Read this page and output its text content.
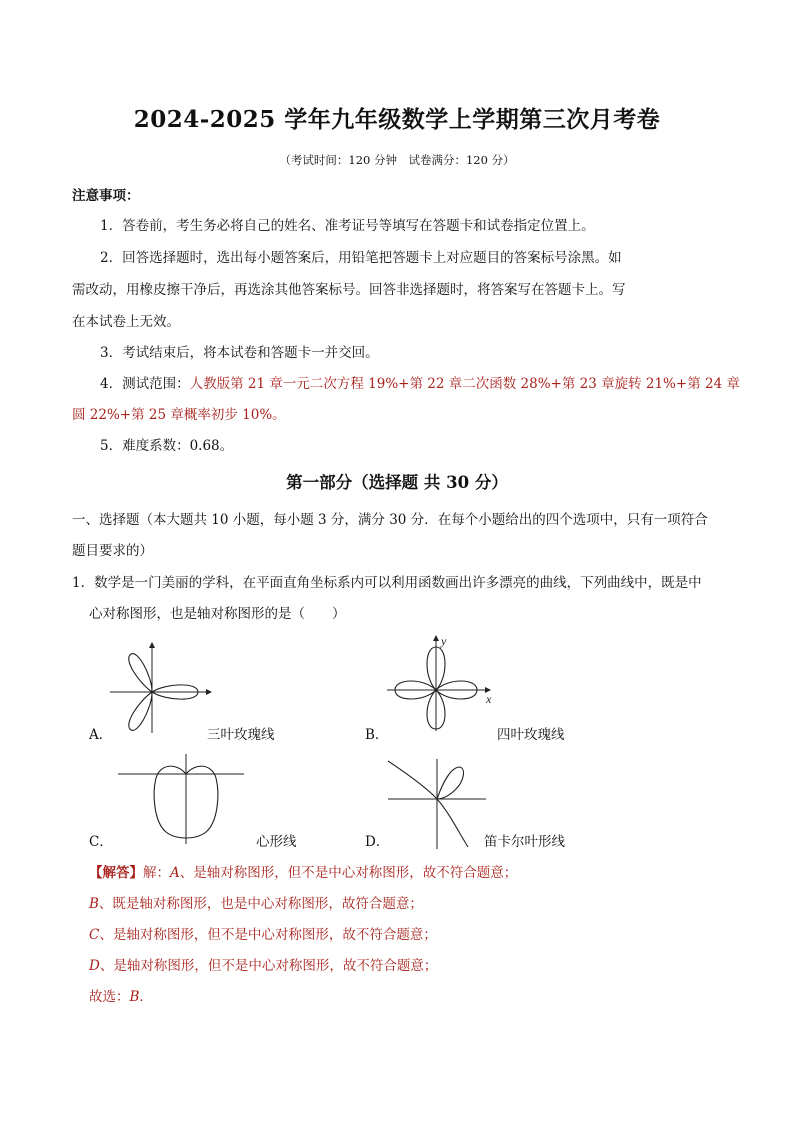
2024-2025 学年九年级数学上学期第三次月考卷
（考试时间：120 分钟　试卷满分：120 分）
注意事项：
1．答卷前，考生务必将自己的姓名、准考证号等填写在答题卡和试卷指定位置上。
2．回答选择题时，选出每小题答案后，用铅笔把答题卡上对应题目的答案标号涂黑。如
需改动，用橡皮擦干净后，再选涂其他答案标号。回答非选择题时，将答案写在答题卡上。写
在本试卷上无效。
3．考试结束后，将本试卷和答题卡一并交回。
4．测试范围：人教版第 21 章一元二次方程 19%+第 22 章二次函数 28%+第 23 章旋转 21%+第 24 章
圆 22%+第 25 章概率初步 10%。
5．难度系数：0.68。
第一部分（选择题 共 30 分）
一、选择题（本大题共 10 小题，每小题 3 分，满分 30 分．在每个小题给出的四个选项中，只有一项符合
题目要求的）
1．数学是一门美丽的学科，在平面直角坐标系内可以利用函数画出许多漂亮的曲线，下列曲线中，既是中
心对称图形，也是轴对称图形的是（　　）
A．	三叶玫瑰线
x
y
B．	四叶玫瑰线
C．	心形线	D．	笛卡尔叶形线
【解答】解：A、是轴对称图形，但不是中心对称图形，故不符合题意；
B、既是轴对称图形，也是中心对称图形，故符合题意；
C、是轴对称图形，但不是中心对称图形，故不符合题意；
D、是轴对称图形，但不是中心对称图形，故不符合题意；
故选：B．
